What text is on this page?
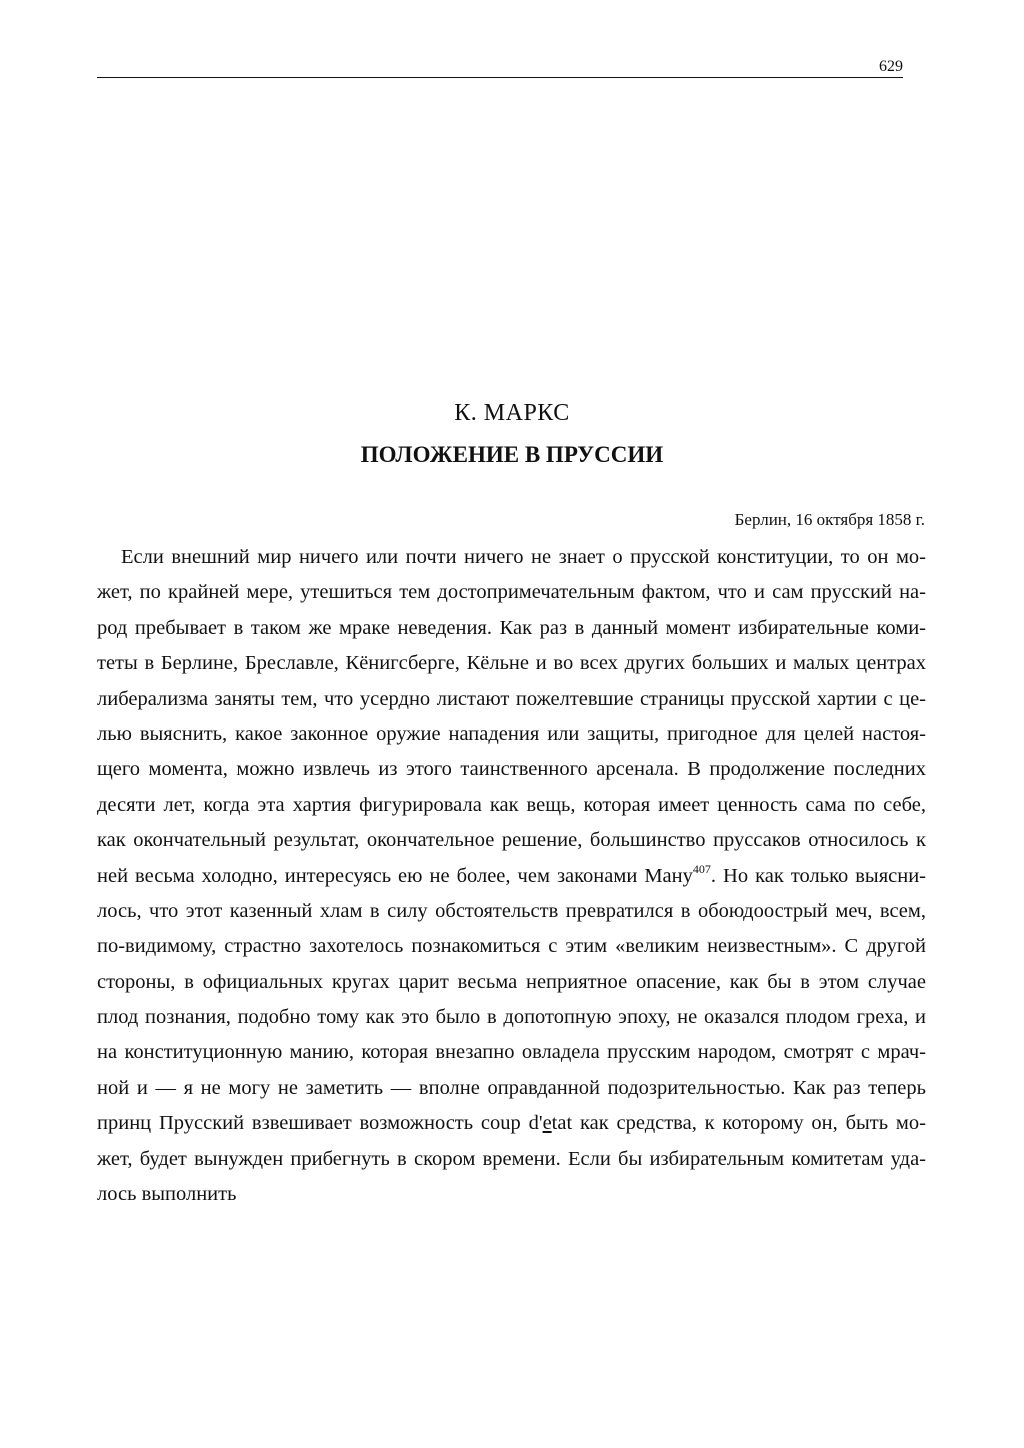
629
К. МАРКС
ПОЛОЖЕНИЕ В ПРУССИИ
Берлин, 16 октября 1858 г.
Если внешний мир ничего или почти ничего не знает о прусской конституции, то он мо-
жет, по крайней мере, утешиться тем достопримечательным фактом, что и сам прусский на-
род пребывает в таком же мраке неведения. Как раз в данный момент избирательные коми-
теты в Берлине, Бреславле, Кёнигсберге, Кёльне и во всех других больших и малых центрах
либерализма заняты тем, что усердно листают пожелтевшие страницы прусской хартии с це-
лью выяснить, какое законное оружие нападения или защиты, пригодное для целей настоя-
щего момента, можно извлечь из этого таинственного арсенала. В продолжение последних
десяти лет, когда эта хартия фигурировала как вещь, которая имеет ценность сама по себе,
как окончательный результат, окончательное решение, большинство пруссаков относилось к
ней весьма холодно, интересуясь ею не более, чем законами Ману$^{407}$. Но как только выясни-
лось, что этот казенный хлам в силу обстоятельств превратился в обоюдоострый меч, всем,
по-видимому, страстно захотелось познакомиться с этим «великим неизвестным». С другой
стороны, в официальных кругах царит весьма неприятное опасение, как бы в этом случае
плод познания, подобно тому как это было в допотопную эпоху, не оказался плодом греха, и
на конституционную манию, которая внезапно овладела прусским народом, смотрят с мрач-
ной и — я не могу не заметить — вполне оправданной подозрительностью. Как раз теперь
принц Прусский взвешивает возможность coup d'etat как средства, к которому он, быть мо-
жет, будет вынужден прибегнуть в скором времени. Если бы избирательным комитетам уда-
лось выполнить
